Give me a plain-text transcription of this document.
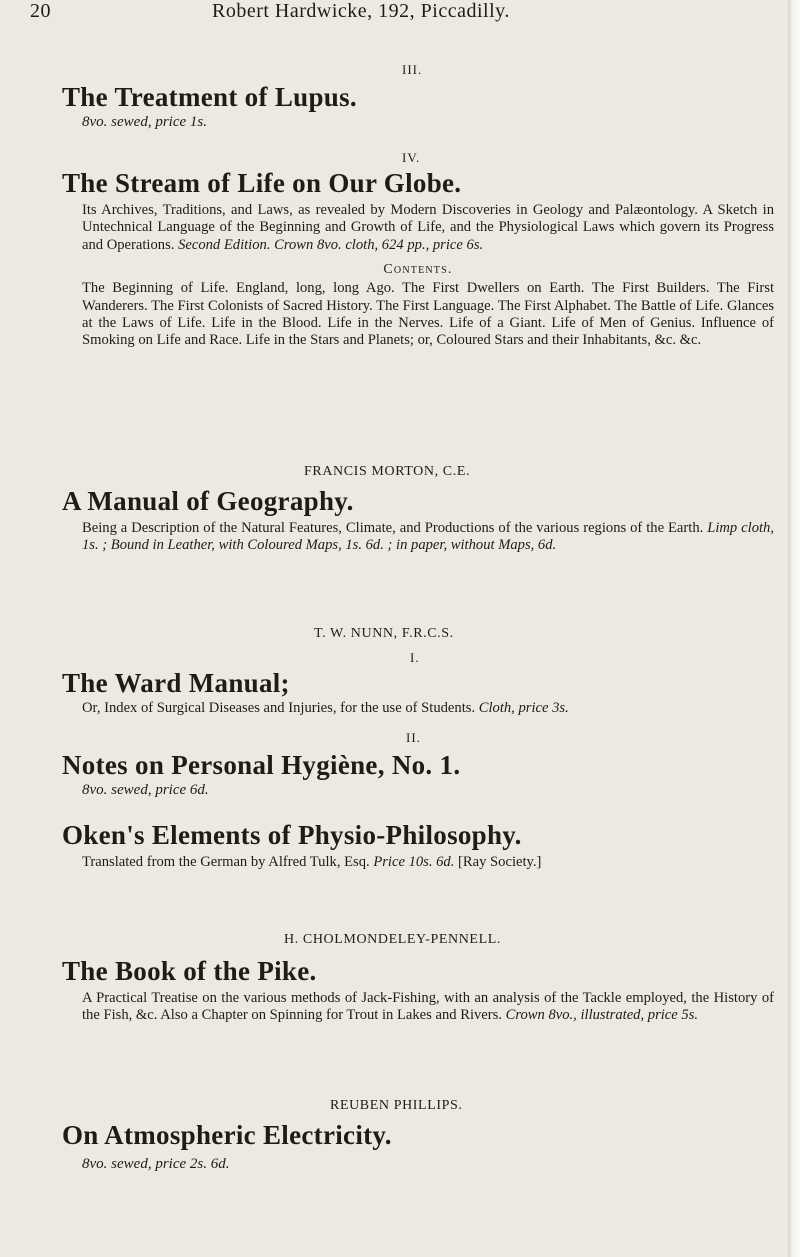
20	Robert Hardwicke, 192, Piccadilly.
III.
The Treatment of Lupus.
8vo. sewed, price 1s.
IV.
The Stream of Life on Our Globe.
Its Archives, Traditions, and Laws, as revealed by Modern Discoveries in Geology and Palæontology. A Sketch in Untechnical Language of the Beginning and Growth of Life, and the Physiological Laws which govern its Progress and Operations. Second Edition. Crown 8vo. cloth, 624 pp., price 6s.
Contents.
The Beginning of Life. England, long, long Ago. The First Dwellers on Earth. The First Builders. The First Wanderers. The First Colonists of Sacred History. The First Language. The First Alphabet. The Battle of Life. Glances at the Laws of Life. Life in the Blood. Life in the Nerves. Life of a Giant. Life of Men of Genius. Influence of Smoking on Life and Race. Life in the Stars and Planets; or, Coloured Stars and their Inhabitants, &c. &c.
FRANCIS MORTON, C.E.
A Manual of Geography.
Being a Description of the Natural Features, Climate, and Productions of the various regions of the Earth. Limp cloth, 1s. ; Bound in Leather, with Coloured Maps, 1s. 6d. ; in paper, without Maps, 6d.
T. W. NUNN, F.R.C.S.
I.
The Ward Manual;
Or, Index of Surgical Diseases and Injuries, for the use of Students. Cloth, price 3s.
II.
Notes on Personal Hygiène, No. 1.
8vo. sewed, price 6d.
Oken's Elements of Physio-Philosophy.
Translated from the German by Alfred Tulk, Esq. Price 10s. 6d. [Ray Society.]
H. CHOLMONDELEY-PENNELL.
The Book of the Pike.
A Practical Treatise on the various methods of Jack-Fishing, with an analysis of the Tackle employed, the History of the Fish, &c. Also a Chapter on Spinning for Trout in Lakes and Rivers. Crown 8vo., illustrated, price 5s.
REUBEN PHILLIPS.
On Atmospheric Electricity.
8vo. sewed, price 2s. 6d.
